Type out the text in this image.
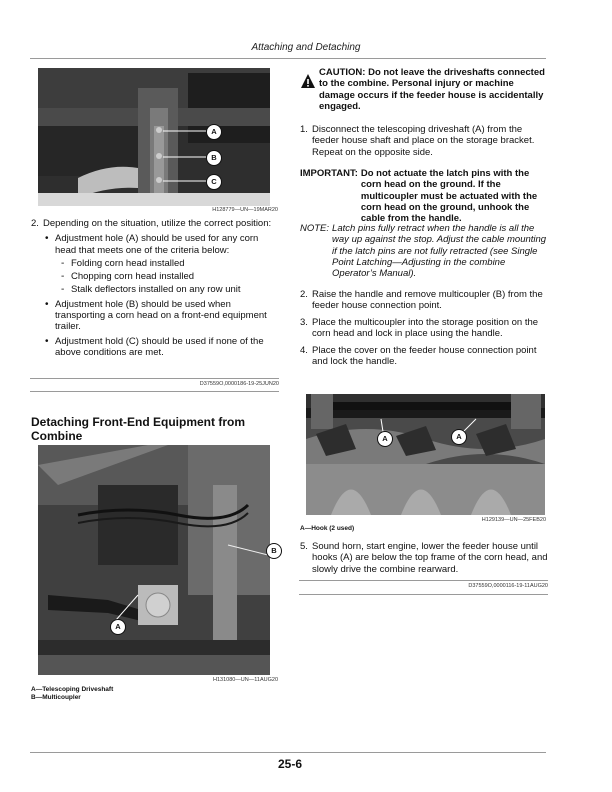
Attaching and Detaching
A
B
C
H128779—UN—19MAR20
2. Depending on the situation, utilize the correct position:
• Adjustment hole (A) should be used for any corn head that meets one of the criteria below:
- Folding corn head installed
- Chopping corn head installed
- Stalk deflectors installed on any row unit
• Adjustment hole (B) should be used when transporting a corn head on a front-end equipment trailer.
• Adjustment hold (C) should be used if none of the above conditions are met.
D37559O,0000186-19-25JUN20
Detaching Front-End Equipment from Combine
B
A
H131080—UN—11AUG20
A—Telescoping Driveshaft
B—Multicoupler
CAUTION: Do not leave the driveshafts connected to the combine. Personal injury or machine damage occurs if the feeder house is accidentally engaged.
1. Disconnect the telescoping driveshaft (A) from the feeder house shaft and place on the storage bracket. Repeat on the opposite side.
IMPORTANT: Do not actuate the latch pins with the corn head on the ground. If the multicoupler must be actuated with the corn head on the ground, unhook the cable from the handle.
NOTE: Latch pins fully retract when the handle is all the way up against the stop. Adjust the cable mounting if the latch pins are not fully retracted (see Single Point Latching—Adjusting in the combine Operator’s Manual).
2. Raise the handle and remove multicoupler (B) from the feeder house connection point.
3. Place the multicoupler into the storage position on the corn head and lock in place using the handle.
4. Place the cover on the feeder house connection point and lock the handle.
A	A
H129139—UN—25FEB20
A—Hook (2 used)
5. Sound horn, start engine, lower the feeder house until hooks (A) are below the top frame of the corn head, and slowly drive the combine rearward.
D37559O,0000116-19-11AUG20
25-6
